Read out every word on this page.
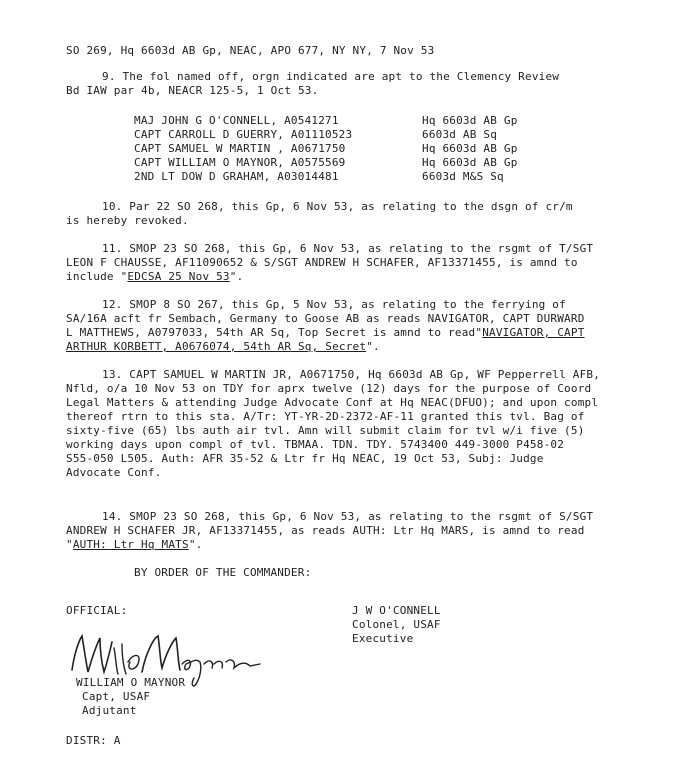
SO 269, Hq 6603d AB Gp, NEAC, APO 677, NY NY, 7 Nov 53
9. The fol named off, orgn indicated are apt to the Clemency Review
Bd IAW par 4b, NEACR 125-5, 1 Oct 53.
MAJ JOHN G O'CONNELL, A0541271	Hq 6603d AB Gp
CAPT CARROLL D GUERRY, A01110523	6603d AB Sq
CAPT SAMUEL W MARTIN , A0671750	Hq 6603d AB Gp
CAPT WILLIAM O MAYNOR, A0575569	Hq 6603d AB Gp
2ND LT DOW D GRAHAM, A03014481	6603d M&S Sq
10. Par 22 SO 268, this Gp, 6 Nov 53, as relating to the dsgn of cr/m
is hereby revoked.
11. SMOP 23 SO 268, this Gp, 6 Nov 53, as relating to the rsgmt of T/SGT
LEON F CHAUSSE, AF11090652 & S/SGT ANDREW H SCHAFER, AF13371455, is amnd to
include "EDCSA 25 Nov 53".
12. SMOP 8 SO 267, this Gp, 5 Nov 53, as relating to the ferrying of
SA/16A acft fr Sembach, Germany to Goose AB as reads NAVIGATOR, CAPT DURWARD
L MATTHEWS, A0797033, 54th AR Sq, Top Secret is amnd to read"NAVIGATOR, CAPT
ARTHUR KORBETT, A0676074, 54th AR Sq, Secret".
13. CAPT SAMUEL W MARTIN JR, A0671750, Hq 6603d AB Gp, WF Pepperrell AFB,
Nfld, o/a 10 Nov 53 on TDY for aprx twelve (12) days for the purpose of Coord
Legal Matters & attending Judge Advocate Conf at Hq NEAC(DFUO); and upon compl
thereof rtrn to this sta. A/Tr: YT-YR-2D-2372-AF-11 granted this tvl. Bag of
sixty-five (65) lbs auth air tvl. Amn will submit claim for tvl w/i five (5)
working days upon compl of tvl. TBMAA. TDN. TDY. 5743400 449-3000 P458-02
S55-050 L505. Auth: AFR 35-52 & Ltr fr Hq NEAC, 19 Oct 53, Subj: Judge
Advocate Conf.
14. SMOP 23 SO 268, this Gp, 6 Nov 53, as relating to the rsgmt of S/SGT
ANDREW H SCHAFER JR, AF13371455, as reads AUTH: Ltr Hq MARS, is amnd to read
"AUTH: Ltr Hq MATS".
BY ORDER OF THE COMMANDER:
OFFICIAL:	J W O'CONNELL
Colonel, USAF
Executive
WILLIAM O MAYNOR
Capt, USAF
Adjutant
DISTR: A
